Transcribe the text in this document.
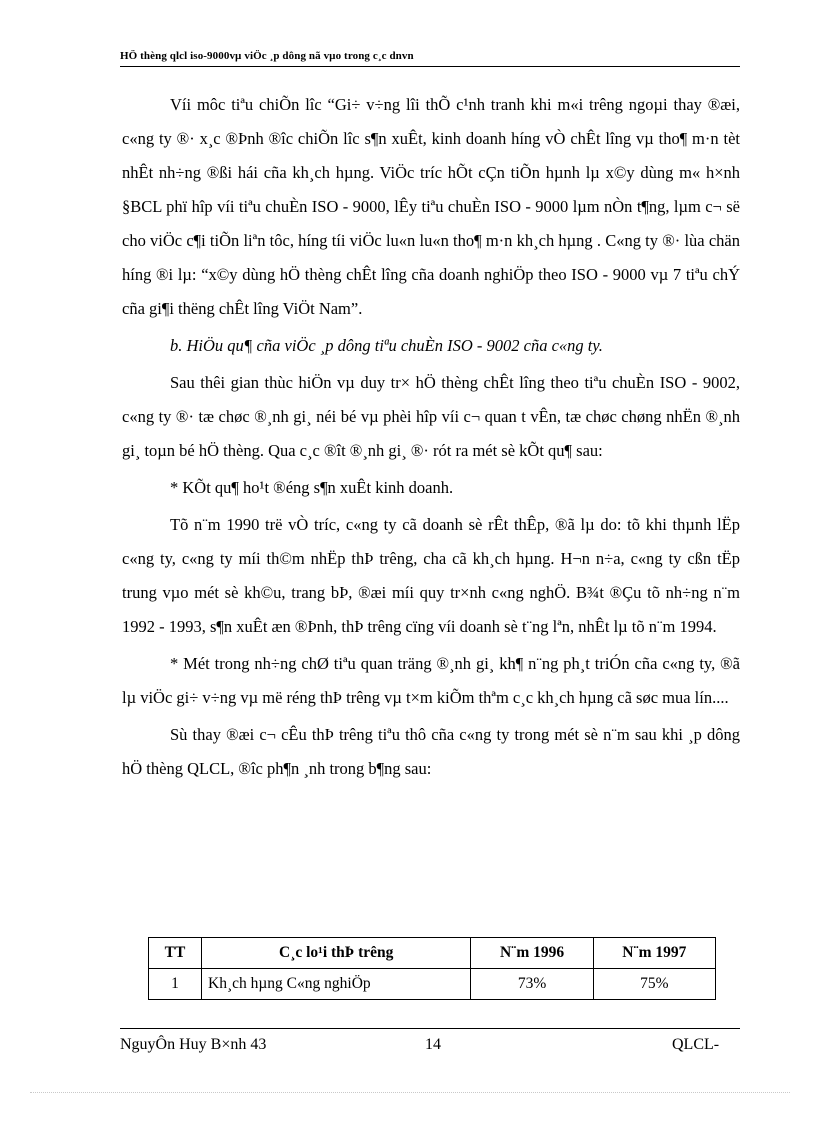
HÖ thèng qlcl iso-9000vµ viÖc ¸p dông nã vµo trong c¸c dnvn

Víi môc tiªu chiÕn lîc “Gi÷ v÷ng lîi thÕ c¹nh tranh khi m«i trêng ngoµi thay ®æi, c«ng ty ®· x¸c ®Þnh ®îc chiÕn lîc s¶n xuÊt, kinh doanh híng vÒ chÊt lîng vµ tho¶ m·n tèt nhÊt nh÷ng ®ßi hái cña kh¸ch hµng. ViÖc tríc hÕt cÇn tiÕn hµnh lµ x©y dùng m« h×nh §BCL phï hîp víi tiªu chuÈn ISO - 9000, lÊy tiªu chuÈn ISO - 9000 lµm nÒn t¶ng, lµm c¬ së cho viÖc c¶i tiÕn liªn tôc, híng tíi viÖc lu«n lu«n tho¶ m·n kh¸ch hµng . C«ng ty ®· lùa chän híng ®i lµ: “x©y dùng hÖ thèng chÊt lîng cña doanh nghiÖp theo ISO - 9000 vµ 7 tiªu chÝ cña gi¶i thëng chÊt lîng ViÖt Nam”.

b. HiÖu qu¶ cña viÖc ¸p dông tiªu chuÈn ISO - 9002 cña c«ng ty.

Sau thêi gian thùc hiÖn vµ duy tr× hÖ thèng chÊt lîng theo tiªu chuÈn ISO - 9002, c«ng ty ®· tæ chøc ®¸nh gi¸ néi bé vµ phèi hîp víi c¬ quan t vÊn, tæ chøc chøng nhËn ®¸nh gi¸ toµn bé hÖ thèng. Qua c¸c ®ît ®¸nh gi¸ ®· rót ra mét sè kÕt qu¶ sau:

* KÕt qu¶ ho¹t ®éng s¶n xuÊt kinh doanh.

Tõ n¨m 1990 trë vÒ tríc, c«ng ty cã doanh sè rÊt thÊp, ®ã lµ do: tõ khi thµnh lËp c«ng ty, c«ng ty míi th©m nhËp thÞ trêng, cha cã kh¸ch hµng. H¬n n÷a, c«ng ty cßn tËp trung vµo mét sè kh©u, trang bÞ, ®æi míi quy tr×nh c«ng nghÖ. B¾t ®Çu tõ nh÷ng n¨m 1992 - 1993, s¶n xuÊt æn ®Þnh, thÞ trêng cïng víi doanh sè t¨ng lªn, nhÊt lµ tõ n¨m 1994.

* Mét trong nh÷ng chØ tiªu quan träng ®¸nh gi¸ kh¶ n¨ng ph¸t triÓn cña c«ng ty, ®ã lµ viÖc gi÷ v÷ng vµ më réng thÞ trêng vµ t×m kiÕm thªm c¸c kh¸ch hµng cã søc mua lín....

Sù thay ®æi c¬ cÊu thÞ trêng tiªu thô cña c«ng ty trong mét sè n¨m sau khi ¸p dông hÖ thèng QLCL, ®îc ph¶n ¸nh trong b¶ng sau:

TT	C¸c lo¹i thÞ trêng	N¨m 1996	N¨m 1997
1	Kh¸ch hµng C«ng nghiÖp	73%	75%
NguyÔn Huy B×nh 43	14	QLCL-
